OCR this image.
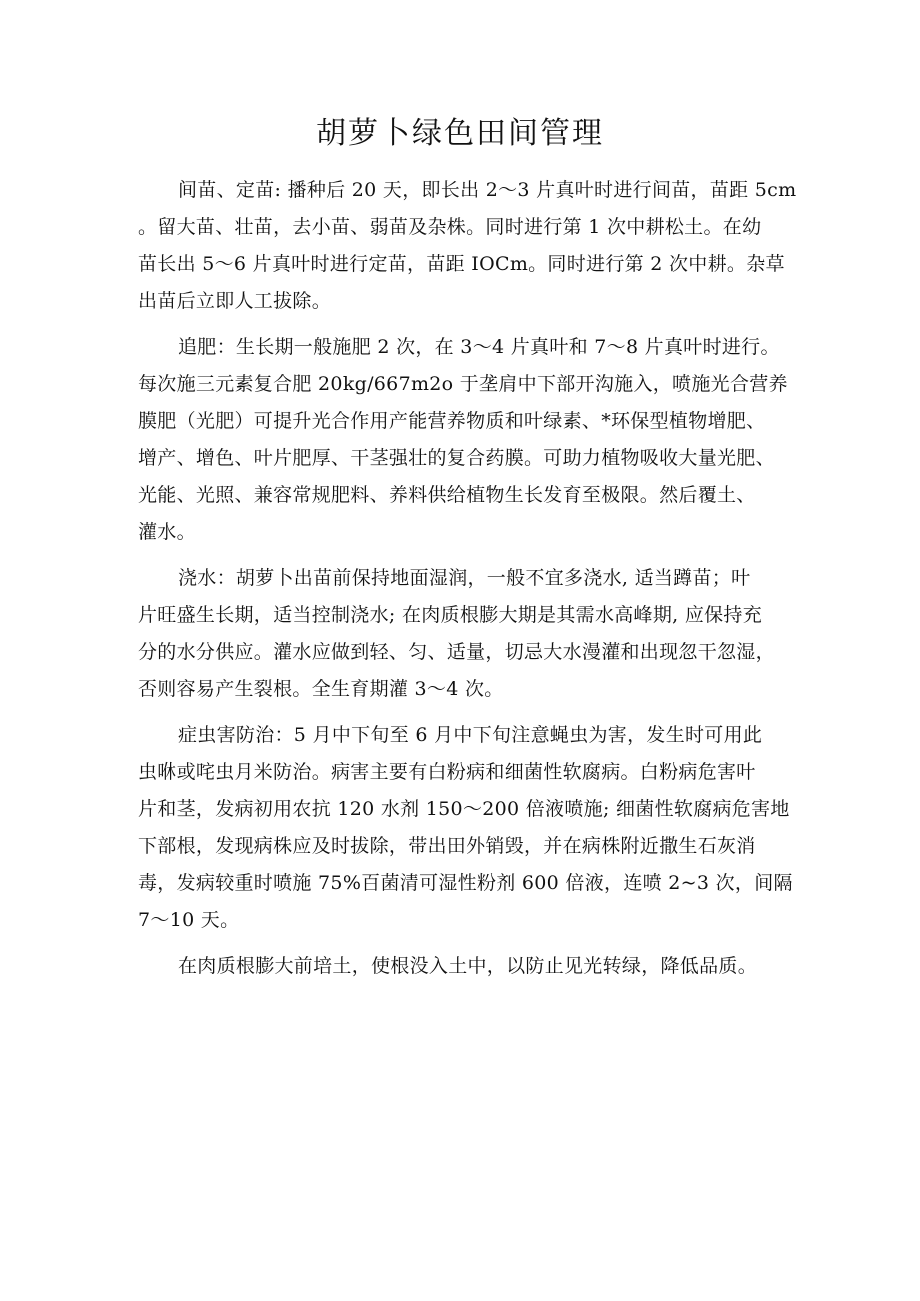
胡萝卜绿色田间管理

间苗、定苗: 播种后 20 天，即长出 2～3 片真叶时进行间苗，苗距 5cm
。留大苗、壮苗，去小苗、弱苗及杂株。同时进行第 1 次中耕松土。在幼
苗长出 5～6 片真叶时进行定苗，苗距 IOCm。同时进行第 2 次中耕。杂草
出苗后立即人工拔除。

追肥：生长期一般施肥 2 次，在 3～4 片真叶和 7～8 片真叶时进行。
每次施三元素复合肥 20kg/667m2o 于垄肩中下部开沟施入，喷施光合营养
膜肥（光肥）可提升光合作用产能营养物质和叶绿素、*环保型植物增肥、
增产、增色、叶片肥厚、干茎强壮的复合药膜。可助力植物吸收大量光肥、
光能、光照、兼容常规肥料、养料供给植物生长发育至极限。然后覆土、
灌水。

浇水：胡萝卜出苗前保持地面湿润，一般不宜多浇水, 适当蹲苗；叶
片旺盛生长期，适当控制浇水; 在肉质根膨大期是其需水高峰期, 应保持充
分的水分供应。灌水应做到轻、匀、适量，切忌大水漫灌和出现忽干忽湿，
否则容易产生裂根。全生育期灌 3～4 次。

症虫害防治：5 月中下旬至 6 月中下旬注意蝇虫为害，发生时可用此
虫咻或咤虫月米防治。病害主要有白粉病和细菌性软腐病。白粉病危害叶
片和茎，发病初用农抗 120 水剂 150～200 倍液喷施; 细菌性软腐病危害地
下部根，发现病株应及时拔除，带出田外销毁，并在病株附近撒生石灰消
毒，发病较重时喷施 75%百菌清可湿性粉剂 600 倍液，连喷 2~3 次，间隔
7～10 天。

在肉质根膨大前培土，使根没入土中，以防止见光转绿，降低品质。
